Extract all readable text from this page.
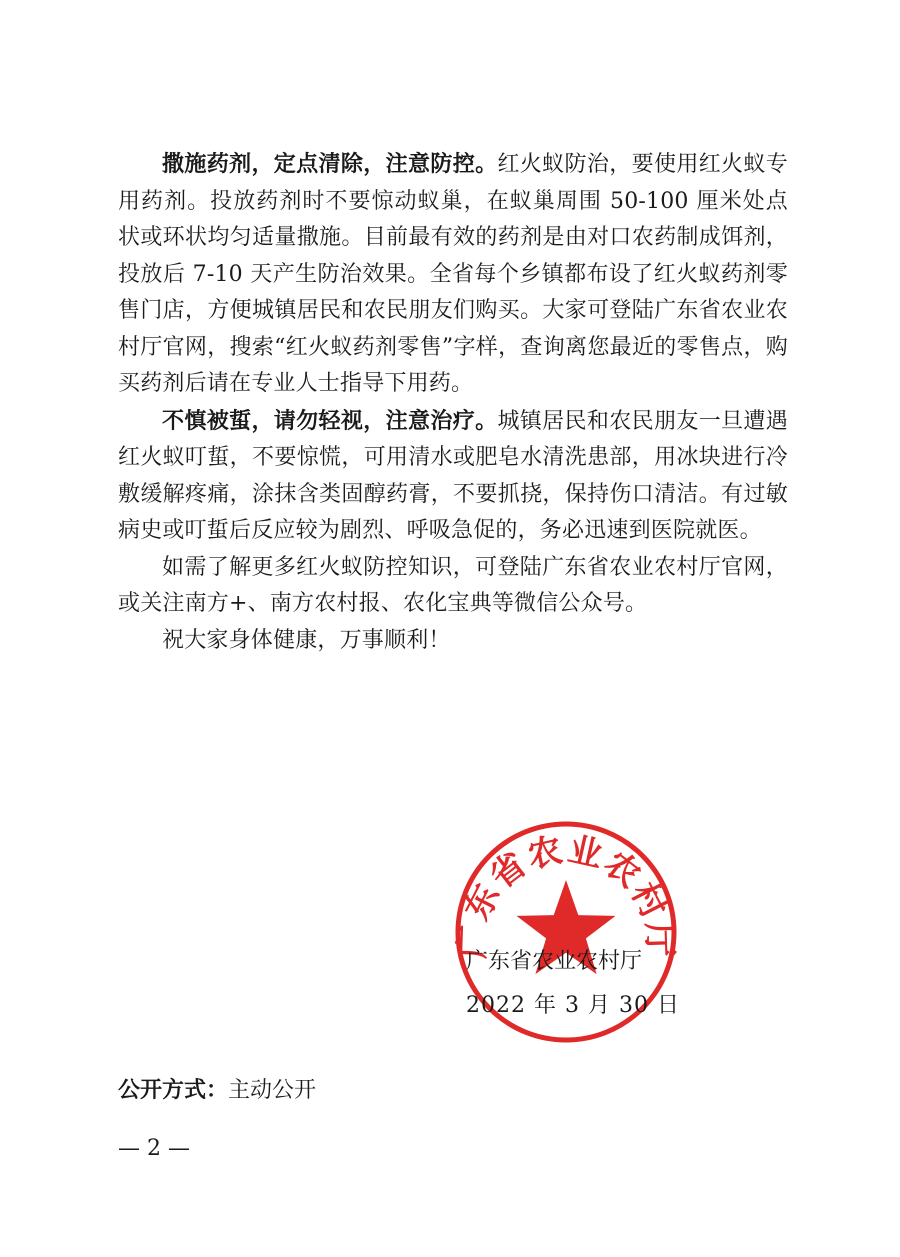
撒施药剂，定点清除，注意防控。红火蚁防治，要使用红火蚁专用药剂。投放药剂时不要惊动蚁巢，在蚁巢周围 50-100 厘米处点状或环状均匀适量撒施。目前最有效的药剂是由对口农药制成饵剂，投放后 7-10 天产生防治效果。全省每个乡镇都布设了红火蚁药剂零售门店，方便城镇居民和农民朋友们购买。大家可登陆广东省农业农村厅官网，搜索“红火蚁药剂零售”字样，查询离您最近的零售点，购买药剂后请在专业人士指导下用药。

不慎被蜇，请勿轻视，注意治疗。城镇居民和农民朋友一旦遭遇红火蚁叮蜇，不要惊慌，可用清水或肥皂水清洗患部，用冰块进行冷敷缓解疼痛，涂抹含类固醇药膏，不要抓挠，保持伤口清洁。有过敏病史或叮蜇后反应较为剧烈、呼吸急促的，务必迅速到医院就医。

如需了解更多红火蚁防控知识，可登陆广东省农业农村厅官网，或关注南方+、南方农村报、农化宝典等微信公众号。

祝大家身体健康，万事顺利！

广东省农业农村厅
广东省农业农村厅
2022 年 3 月 30 日
公开方式：主动公开
— 2 —
